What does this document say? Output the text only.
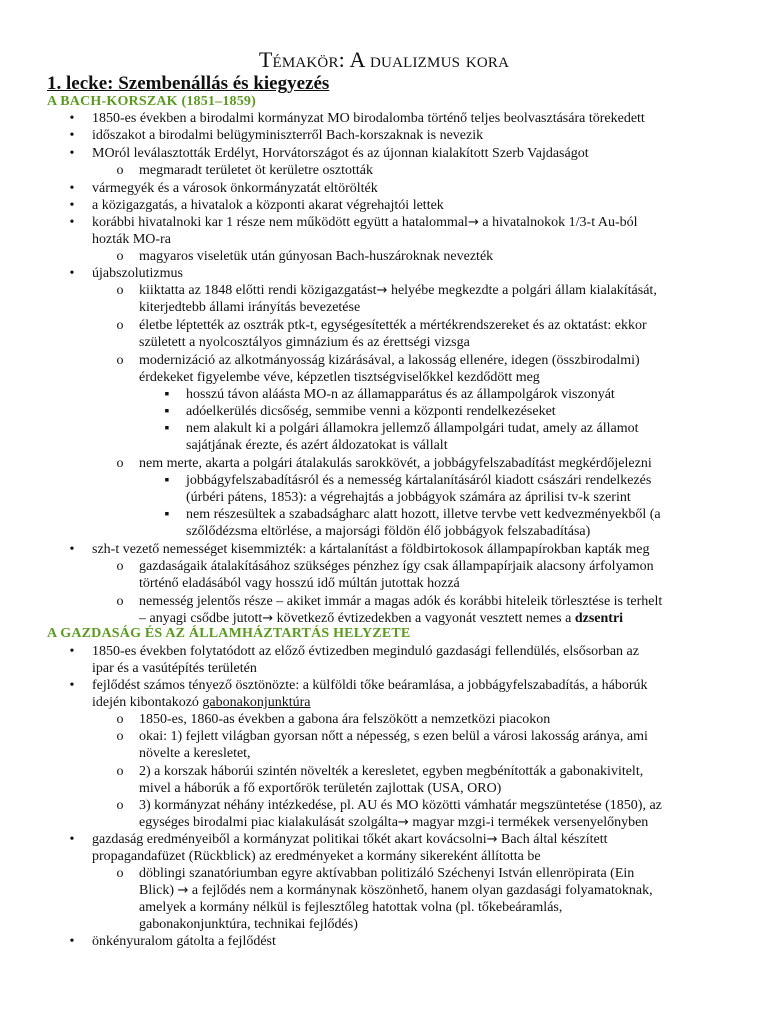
Témakör: A dualizmus kora
1. lecke: Szembenállás és kiegyezés
A BACH-KORSZAK (1851–1859)
•
1850-es években a birodalmi kormányzat MO birodalomba történő teljes beolvasztására törekedett
•
időszakot a birodalmi belügyminiszterről Bach-korszaknak is nevezik
•
MOról leválasztották Erdélyt, Horvátországot és az újonnan kialakított Szerb Vajdaságot
o
megmaradt területet öt kerületre osztották
•
vármegyék és a városok önkormányzatát eltörölték
•
a közigazgatás, a hivatalok a központi akarat végrehajtói lettek
•
korábbi hivatalnoki kar 1 része nem működött együtt a hatalommal→ a hivatalnokok 1/3-t Au-ból
hozták MO-ra
o
magyaros viseletük után gúnyosan Bach-huszároknak nevezték
•
újabszolutizmus
o
kiiktatta az 1848 előtti rendi közigazgatást→ helyébe megkezdte a polgári állam kialakítását,
kiterjedtebb állami irányítás bevezetése
o
életbe léptették az osztrák ptk-t, egységesítették a mértékrendszereket és az oktatást: ekkor
született a nyolcosztályos gimnázium és az érettségi vizsga
o
modernizáció az alkotmányosság kizárásával, a lakosság ellenére, idegen (összbirodalmi)
érdekeket figyelembe véve, képzetlen tisztségviselőkkel kezdődött meg
▪
hosszú távon aláásta MO-n az államapparátus és az állampolgárok viszonyát
▪
adóelkerülés dicsőség, semmibe venni a központi rendelkezéseket
▪
nem alakult ki a polgári államokra jellemző állampolgári tudat, amely az államot
sajátjának érezte, és azért áldozatokat is vállalt
o
nem merte, akarta a polgári átalakulás sarokkövét, a jobbágyfelszabadítást megkérdőjelezni
▪
jobbágyfelszabadításról és a nemesség kártalanításáról kiadott császári rendelkezés
(úrbéri pátens, 1853): a végrehajtás a jobbágyok számára az áprilisi tv-k szerint
▪
nem részesültek a szabadságharc alatt hozott, illetve tervbe vett kedvezményekből (a
szőlődézsma eltörlése, a majorsági földön élő jobbágyok felszabadítása)
•
szh-t vezető nemességet kisemmizték: a kártalanítást a földbirtokosok állampapírokban kapták meg
o
gazdaságaik átalakításához szükséges pénzhez így csak állampapírjaik alacsony árfolyamon
történő eladásából vagy hosszú idő múltán jutottak hozzá
o
nemesség jelentős része – akiket immár a magas adók és korábbi hiteleik törlesztése is terhelt
– anyagi csődbe jutott→ következő évtizedekben a vagyonát vesztett nemes a dzsentri
A GAZDASÁG ÉS AZ ÁLLAMHÁZTARTÁS HELYZETE
•
1850-es években folytatódott az előző évtizedben meginduló gazdasági fellendülés, elsősorban az
ipar és a vasútépítés területén
•
fejlődést számos tényező ösztönözte: a külföldi tőke beáramlása, a jobbágyfelszabadítás, a háborúk
idején kibontakozó gabonakonjunktúra
o
1850-es, 1860-as években a gabona ára felszökött a nemzetközi piacokon
o
okai: 1) fejlett világban gyorsan nőtt a népesség, s ezen belül a városi lakosság aránya, ami
növelte a keresletet,
o
2) a korszak háborúi szintén növelték a keresletet, egyben megbénították a gabonakivitelt,
mivel a háborúk a fő exportőrök területén zajlottak (USA, ORO)
o
3) kormányzat néhány intézkedése, pl. AU és MO közötti vámhatár megszüntetése (1850), az
egységes birodalmi piac kialakulását szolgálta→ magyar mzgi-i termékek versenyelőnyben
•
gazdaság eredményeiből a kormányzat politikai tőkét akart kovácsolni→ Bach által készített
propagandafüzet (Rückblick) az eredményeket a kormány sikereként állította be
o
döblingi szanatóriumban egyre aktívabban politizáló Széchenyi István ellenröpirata (Ein
Blick) → a fejlődés nem a kormánynak köszönhető, hanem olyan gazdasági folyamatoknak,
amelyek a kormány nélkül is fejlesztőleg hatottak volna (pl. tőkebeáramlás,
gabonakonjunktúra, technikai fejlődés)
•
önkényuralom gátolta a fejlődést
